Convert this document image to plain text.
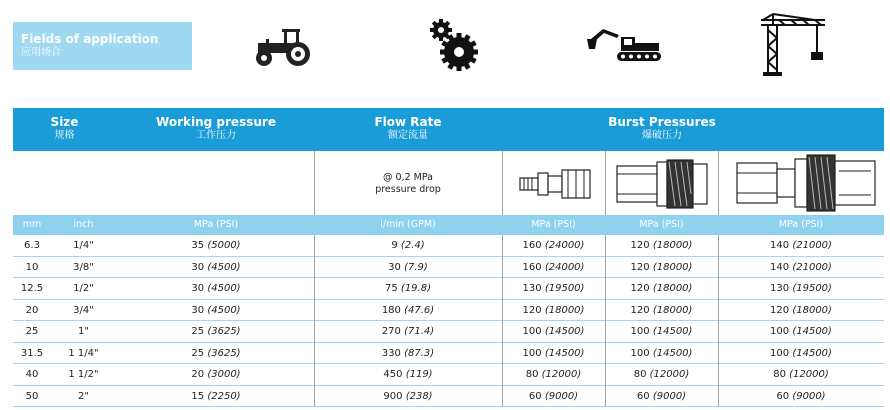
Fields of application
应用场合
Size
规格
Working pressure
工作压力
Flow Rate
额定流量
Burst Pressures
爆破压力
@ 0,2 MPa
pressure drop
mm	inch	MPa (PSI)	l/min (GPM)	MPa (PSI)	MPa (PSI)	MPa (PSI)
6.3	1/4"	35 (5000)	9 (2.4)	160 (24000)	120 (18000)	140 (21000)
10	3/8"	30 (4500)	30 (7.9)	160 (24000)	120 (18000)	140 (21000)
12.5	1/2"	30 (4500)	75 (19.8)	130 (19500)	120 (18000)	130 (19500)
20	3/4"	30 (4500)	180 (47.6)	120 (18000)	120 (18000)	120 (18000)
25	1"	25 (3625)	270 (71.4)	100 (14500)	100 (14500)	100 (14500)
31.5	1 1/4"	25 (3625)	330 (87.3)	100 (14500)	100 (14500)	100 (14500)
40	1 1/2"	20 (3000)	450 (119)	80 (12000)	80 (12000)	80 (12000)
50	2"	15 (2250)	900 (238)	60 (9000)	60 (9000)	60 (9000)
